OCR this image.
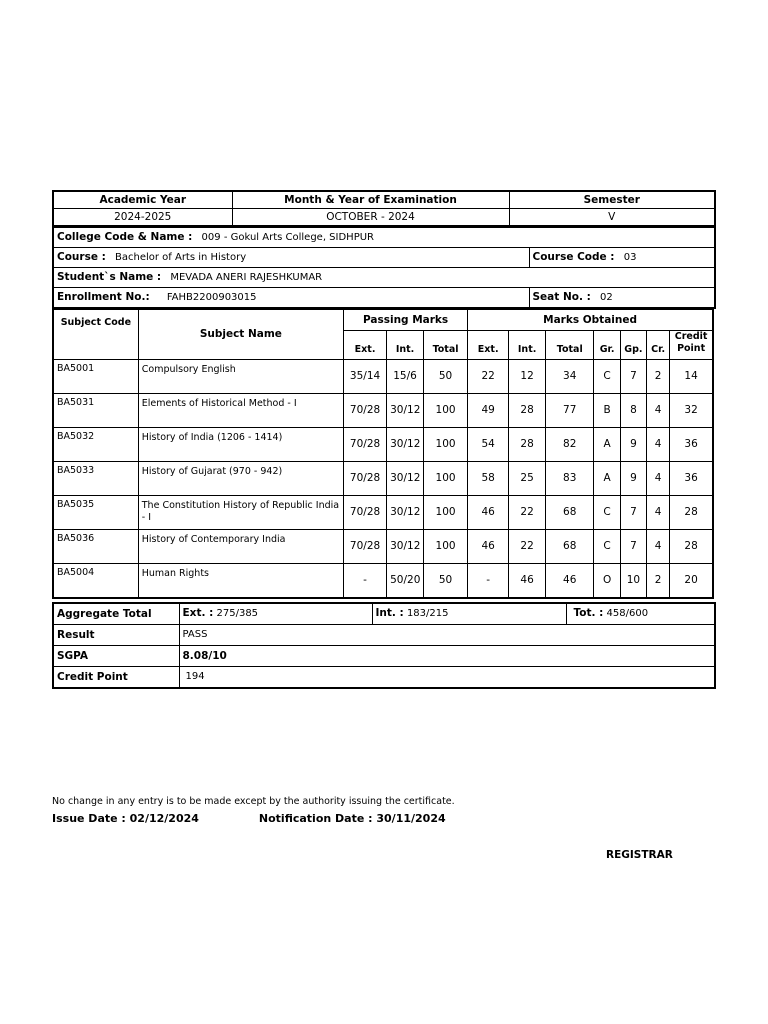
Academic Year	Month & Year of Examination	Semester
2024-2025	OCTOBER - 2024	V
College Code & Name : 009 - Gokul Arts College, SIDHPUR	
Course : Bachelor of Arts in History	Course Code : 03
Student`s Name : MEVADA ANERI RAJESHKUMAR	
Enrollment No.: FAHB2200903015	Seat No. : 02
Subject Code	Subject Name	Passing Marks			Marks Obtained						
		Ext.	Int.	Total	Ext.	Int.	Total	Gr.	Gp.	Cr.	Credit Point
BA5001	Compulsory English	35/14	15/6	50	22	12	34	C	7	2	14
BA5031	Elements of Historical Method - I	70/28	30/12	100	49	28	77	B	8	4	32
BA5032	History of India (1206 - 1414)	70/28	30/12	100	54	28	82	A	9	4	36
BA5033	History of Gujarat (970 - 942)	70/28	30/12	100	58	25	83	A	9	4	36
BA5035	The Constitution History of Republic India - I	70/28	30/12	100	46	22	68	C	7	4	28
BA5036	History of Contemporary India	70/28	30/12	100	46	22	68	C	7	4	28
BA5004	Human Rights	-	50/20	50	-	46	46	O	10	2	20
Aggregate Total	Ext. : 275/385	Int. : 183/215	Tot. : 458/600
Result	PASS		
SGPA	8.08/10		
Credit Point	194		
No change in any entry is to be made except by the authority issuing the certificate.
Issue Date : 02/12/2024	Notification Date : 30/11/2024
REGISTRAR
